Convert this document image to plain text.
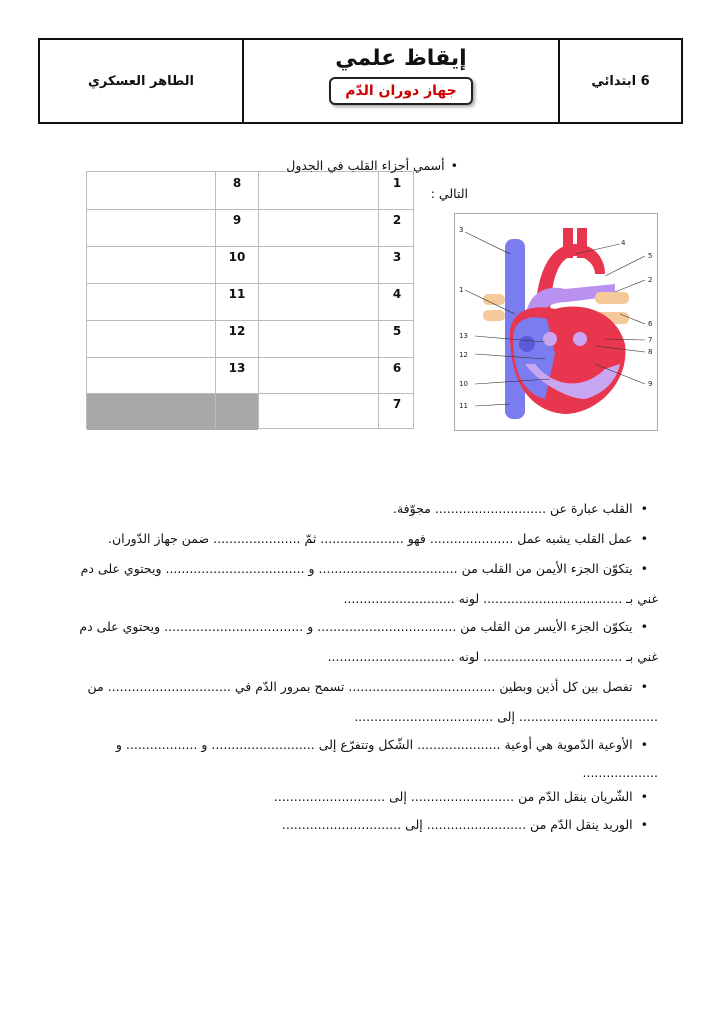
الطاهر العسكري
إيقاظ علمي
جهاز دوران الدّم
6 ابتدائي
1
2
3
4
5
6
7
8
9
10
11
12
13
•أسمي أجزاء القلب في الجدول
التالي :
3
1
13
12
10
11
4
5
2
6
7
8
9
•القلب عبارة عن ............................ مجوّفة.
•عمل القلب يشبه عمل ..................... فهو ..................... ثمّ ...................... ضمن جهاز الدّوران.
•يتكوّن الجزء الأيمن من القلب من ................................... و ................................... ويحتوي على دم
غني بـ ................................... لونه ............................
•يتكوّن الجزء الأيسر من القلب من ................................... و ................................... ويحتوي على دم
غني بـ ................................... لونه ................................
•تفصل بين كل أذين وبطين ..................................... تسمح بمرور الدّم في ............................... من
................................... إلى ...................................
•الأوعية الدّموية هي أوعية ..................... الشّكل وتتفرّع إلى .......................... و .................. و
...................
•الشّريان ينقل الدّم من .......................... إلى ............................
•الوريد ينقل الدّم من ......................... إلى ..............................
